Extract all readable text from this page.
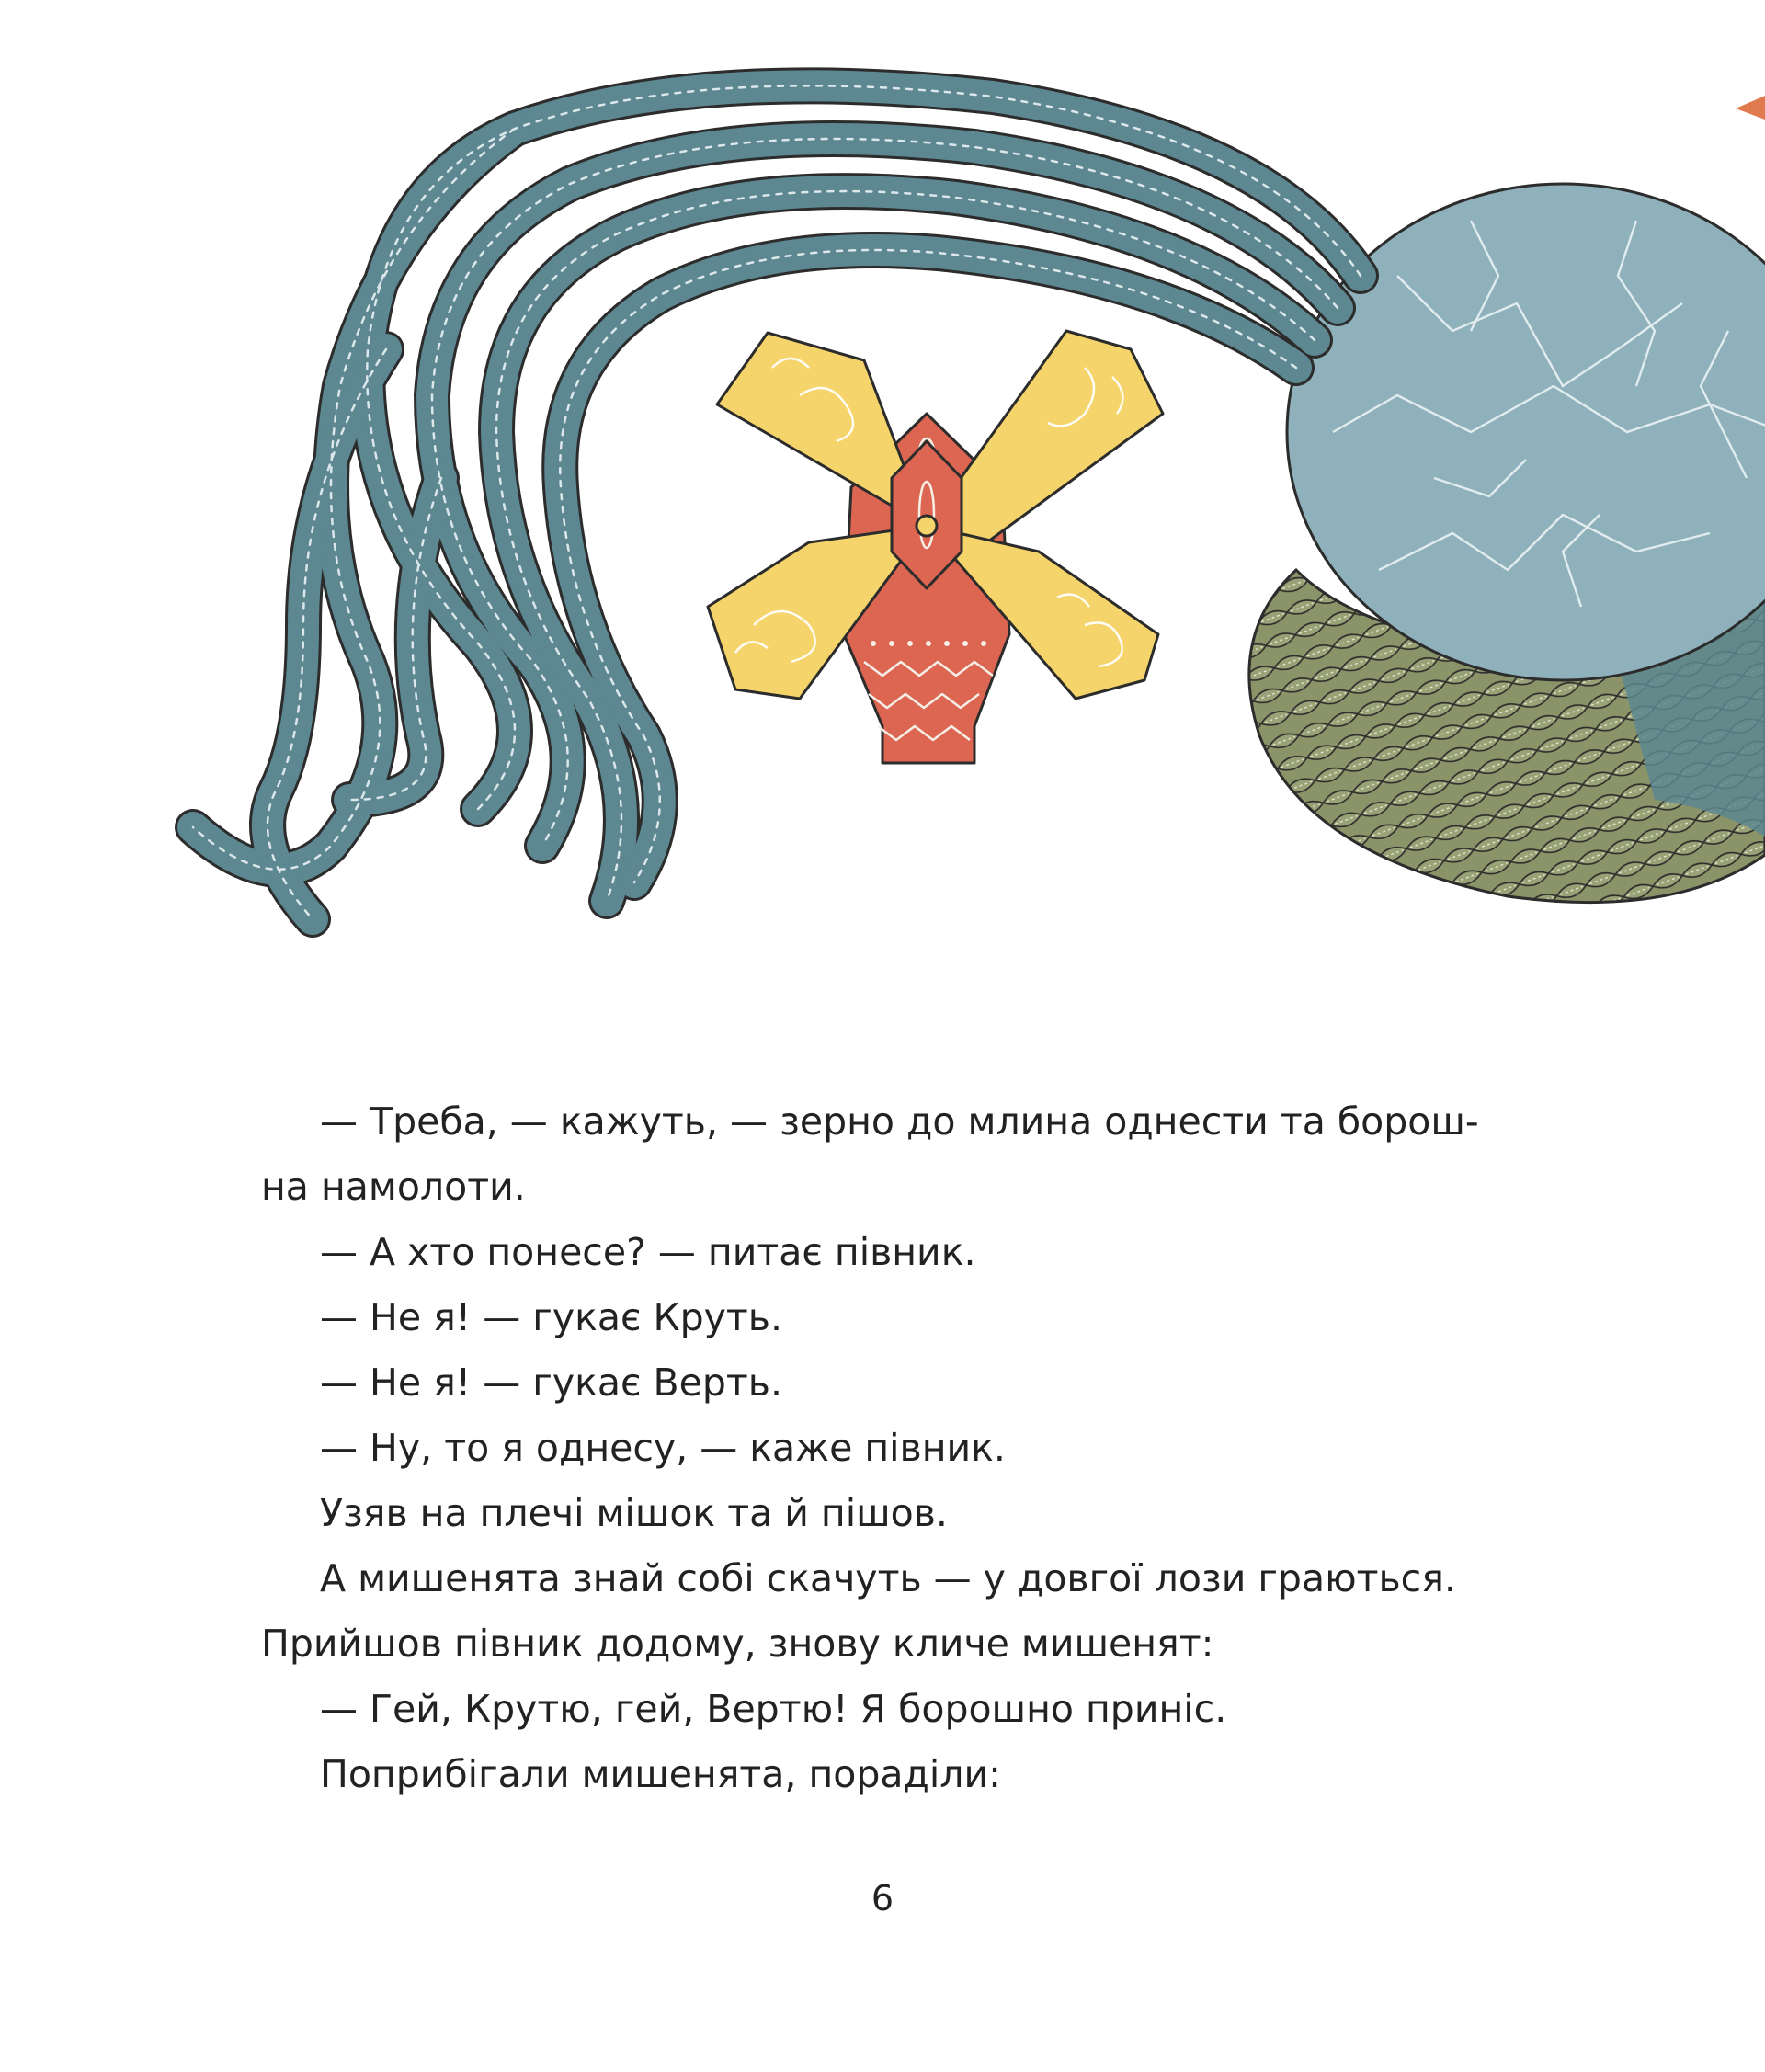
— Треба, — кажуть, — зерно до млина однести та борош-

на намолоти.

— А хто понесе? — питає півник.

— Не я! — гукає Круть.

— Не я! — гукає Верть.

— Ну, то я однесу, — каже півник.

Узяв на плечі мішок та й пішов.

А мишенята знай собі скачуть — у довгої лози граються.

Прийшов півник додому, знову кличе мишенят:

— Гей, Крутю, гей, Вертю! Я борошно приніс.

Поприбігали мишенята, пораділи:

6
